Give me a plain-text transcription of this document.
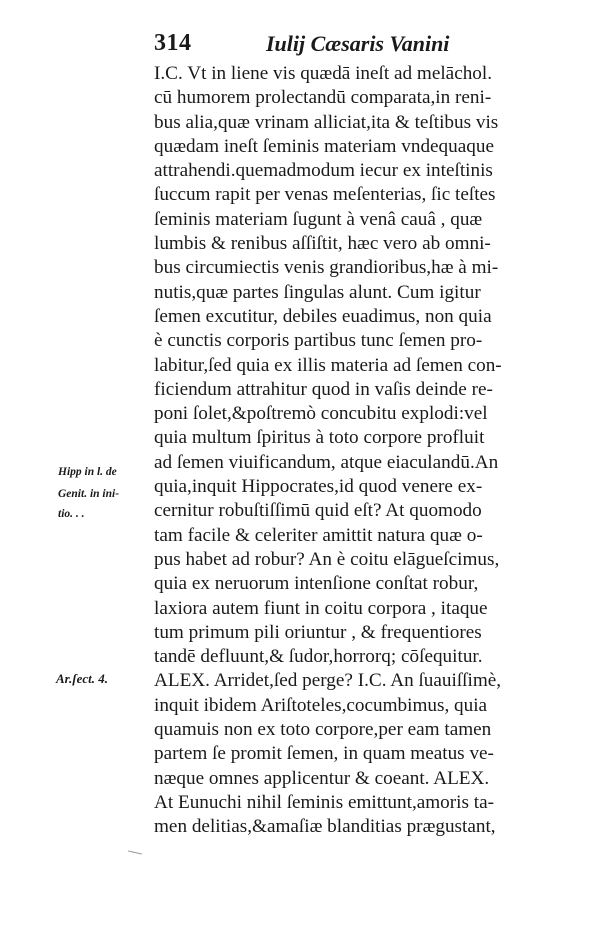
314	Iulij Cæsaris Vanini
I.C. Vt in liene vis quædā ineſt ad melāchol.
cū humorem prolectandū comparata,in reni-
bus alia,quæ vrinam alliciat,ita & teſtibus vis
quædam ineſt ſeminis materiam vndequaque
attrahendi.quemadmodum iecur ex inteſtinis
ſuccum rapit per venas meſenterias, ſic teſtes
ſeminis materiam ſugunt à venâ cauâ , quæ
lumbis & renibus aſſiſtit, hæc vero ab omni-
bus circumiectis venis grandioribus,hæ à mi-
nutis,quæ partes ſingulas alunt. Cum igitur
ſemen excutitur, debiles euadimus, non quia
è cunctis corporis partibus tunc ſemen pro-
labitur,ſed quia ex illis materia ad ſemen con-
ficiendum attrahitur quod in vaſis deinde re-
poni ſolet,&poſtremò concubitu explodi:vel
quia multum ſpiritus à toto corpore profluit
ad ſemen viuificandum, atque eiaculandū.An
quia,inquit Hippocrates,id quod venere ex-
cernitur robuſtiſſimū quid eſt? At quomodo
tam facile & celeriter amittit natura quæ o-
pus habet ad robur? An è coitu elāgueſcimus,
quia ex neruorum intenſione conſtat robur,
laxiora autem fiunt in coitu corpora , itaque
tum primum pili oriuntur , & frequentiores
tandē defluunt,& ſudor,horrorq; cōſequitur.
ALEX. Arridet,ſed perge? I.C. An ſuauiſſimè,
inquit ibidem Ariſtoteles,cocumbimus, quia
quamuis non ex toto corpore,per eam tamen
partem ſe promit ſemen, in quam meatus ve-
næque omnes applicentur & coeant. ALEX.
At Eunuchi nihil ſeminis emittunt,amoris ta-
men delitias,&amaſiæ blanditias prægustant,
Hipp in l. de
Genit. in ini-
tio. . .
Ar.ſect. 4.
